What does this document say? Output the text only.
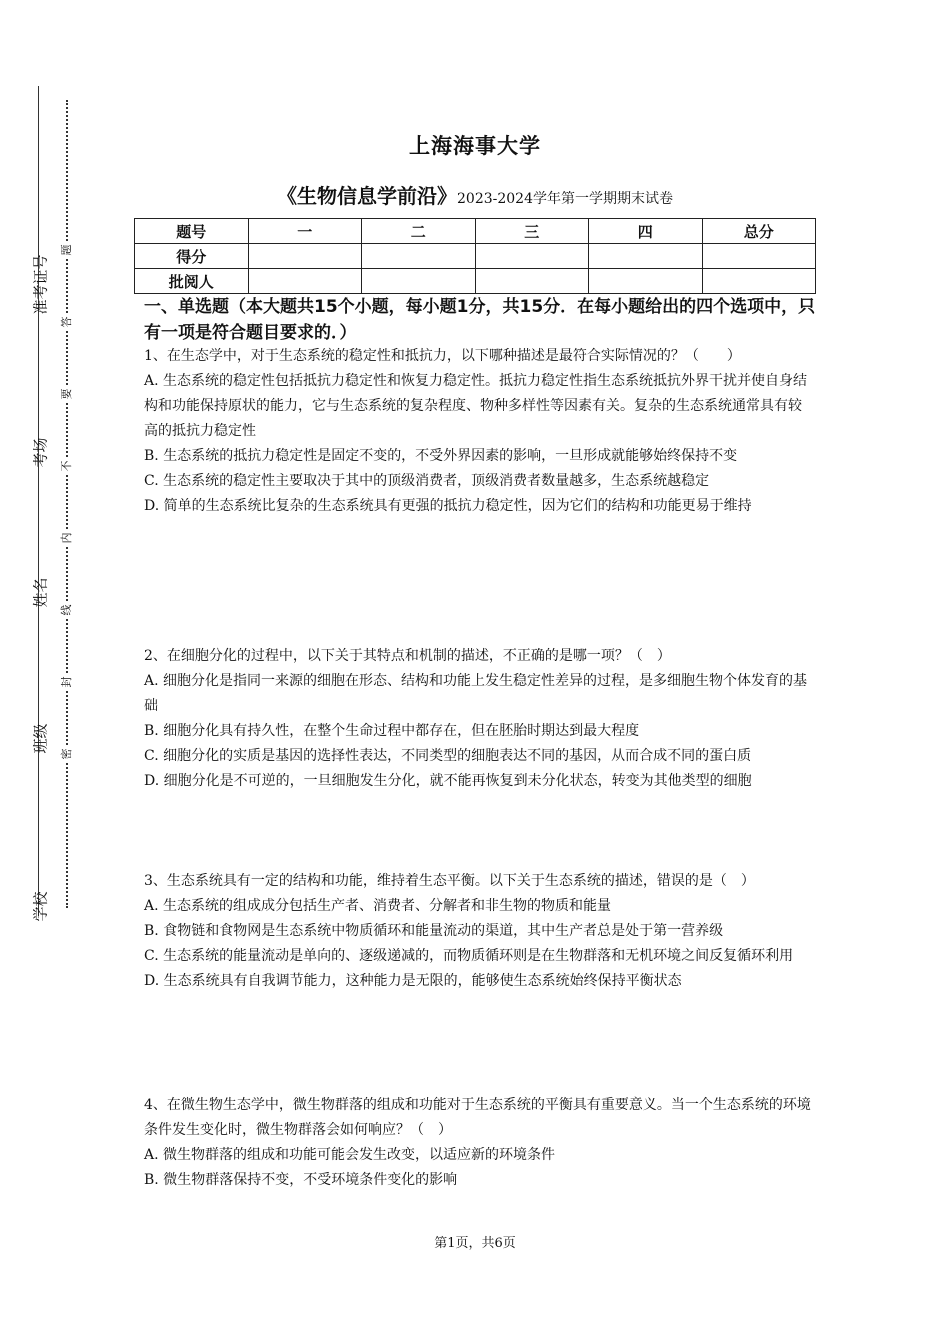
学校
班级
姓名
考场
准考证号
题
答
要
不
内
线
封
密
上海海事大学
《生物信息学前沿》2023-2024学年第一学期期末试卷
题号	一	二	三	四	总分
得分					
批阅人					
一、单选题（本大题共15个小题，每小题1分，共15分．在每小题给出的四个选项中，只有一项是符合题目要求的．）

1、在生态学中，对于生态系统的稳定性和抵抗力，以下哪种描述是最符合实际情况的？（　　）

A. 生态系统的稳定性包括抵抗力稳定性和恢复力稳定性。抵抗力稳定性指生态系统抵抗外界干扰并使自身结构和功能保持原状的能力，它与生态系统的复杂程度、物种多样性等因素有关。复杂的生态系统通常具有较高的抵抗力稳定性

B. 生态系统的抵抗力稳定性是固定不变的，不受外界因素的影响，一旦形成就能够始终保持不变

C. 生态系统的稳定性主要取决于其中的顶级消费者，顶级消费者数量越多，生态系统越稳定

D. 简单的生态系统比复杂的生态系统具有更强的抵抗力稳定性，因为它们的结构和功能更易于维持

2、在细胞分化的过程中，以下关于其特点和机制的描述，不正确的是哪一项？（　）

A. 细胞分化是指同一来源的细胞在形态、结构和功能上发生稳定性差异的过程，是多细胞生物个体发育的基础

B. 细胞分化具有持久性，在整个生命过程中都存在，但在胚胎时期达到最大程度

C. 细胞分化的实质是基因的选择性表达，不同类型的细胞表达不同的基因，从而合成不同的蛋白质

D. 细胞分化是不可逆的，一旦细胞发生分化，就不能再恢复到未分化状态，转变为其他类型的细胞

3、生态系统具有一定的结构和功能，维持着生态平衡。以下关于生态系统的描述，错误的是（　）

A. 生态系统的组成成分包括生产者、消费者、分解者和非生物的物质和能量

B. 食物链和食物网是生态系统中物质循环和能量流动的渠道，其中生产者总是处于第一营养级

C. 生态系统的能量流动是单向的、逐级递减的，而物质循环则是在生物群落和无机环境之间反复循环利用

D. 生态系统具有自我调节能力，这种能力是无限的，能够使生态系统始终保持平衡状态

4、在微生物生态学中，微生物群落的组成和功能对于生态系统的平衡具有重要意义。当一个生态系统的环境条件发生变化时，微生物群落会如何响应？（　）

A. 微生物群落的组成和功能可能会发生改变，以适应新的环境条件

B. 微生物群落保持不变，不受环境条件变化的影响

第1页，共6页
